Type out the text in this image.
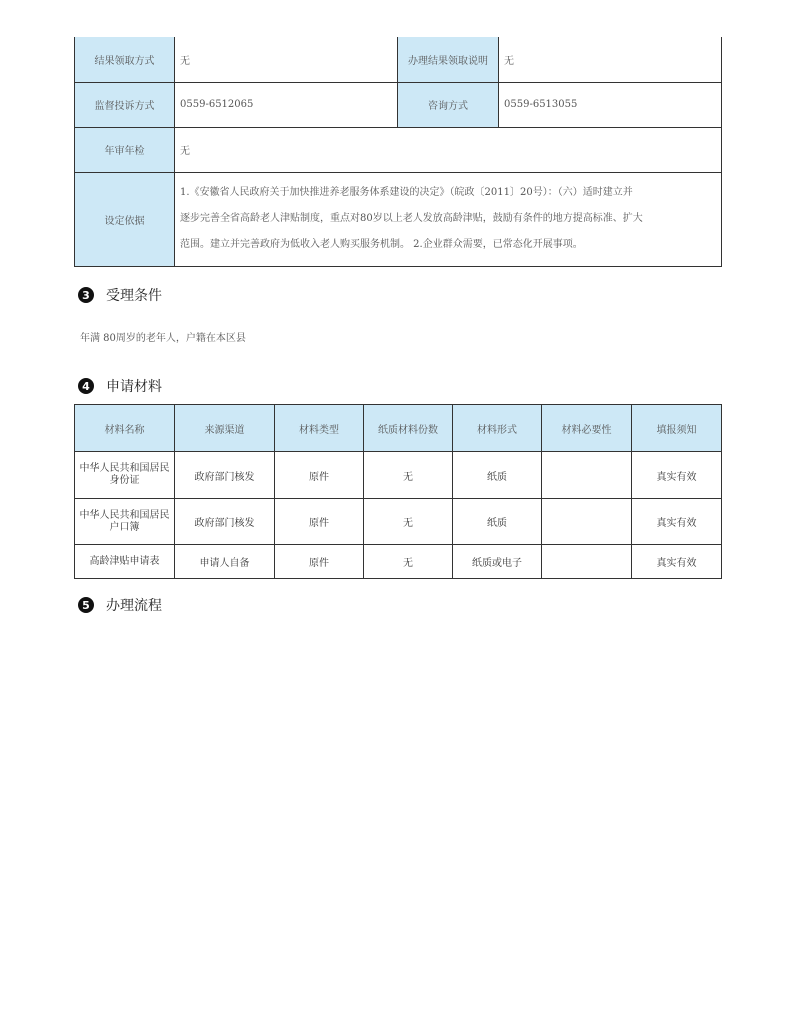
结果领取方式	无	办理结果领取说明	无
监督投诉方式	0559-6512065	咨询方式	0559-6513055
年审年检	无		
设定依据	1.《安徽省人民政府关于加快推进养老服务体系建设的决定》（皖政〔2011〕20号）：（六）适时建立并
逐步完善全省高龄老人津贴制度，重点对80岁以上老人发放高龄津贴，鼓励有条件的地方提高标准、扩大
范围。建立并完善政府为低收入老人购买服务机制。 2.企业群众需要，已常态化开展事项。		
3 受理条件
年满 80周岁的老年人，户籍在本区县
4 申请材料
材料名称	来源渠道	材料类型	纸质材料份数	材料形式	材料必要性	填报须知
中华人民共和国居民身份证	政府部门核发	原件	无	纸质		真实有效
中华人民共和国居民户口簿	政府部门核发	原件	无	纸质		真实有效
高龄津贴申请表	申请人自备	原件	无	纸质或电子		真实有效
5 办理流程
